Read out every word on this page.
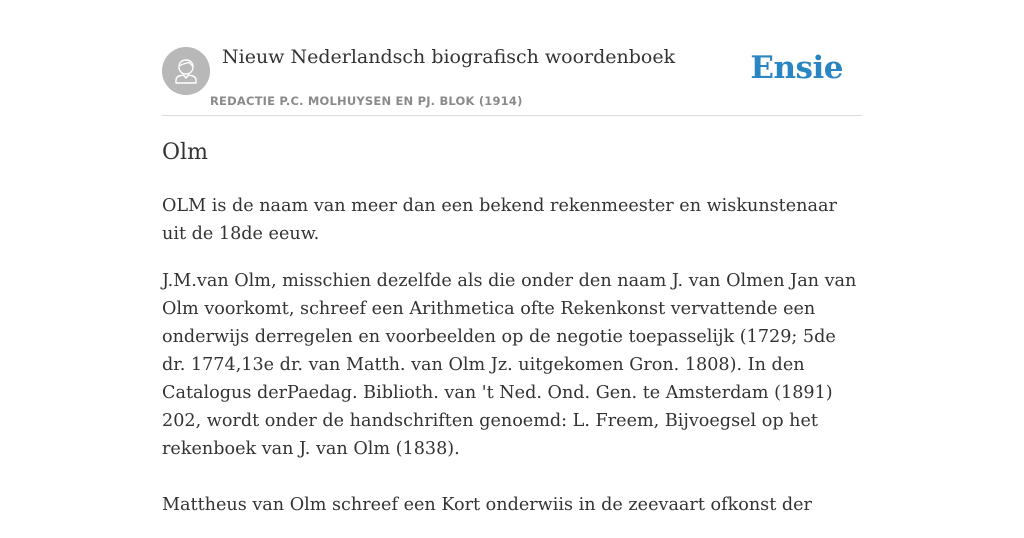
Nieuw Nederlandsch biografisch woordenboek
REDACTIE P.C. MOLHUYSEN EN PJ. BLOK (1914)
Ensie
Olm

OLM is de naam van meer dan een bekend rekenmeester en wiskunstenaar uit de 18de eeuw.

J.M.van Olm, misschien dezelfde als die onder den naam J. van Olmen Jan van Olm voorkomt, schreef een Arithmetica ofte Rekenkonst vervattende een onderwijs derregelen en voorbeelden op de negotie toepasselijk (1729; 5de dr. 1774,13e dr. van Matth. van Olm Jz. uitgekomen Gron. 1808). In den Catalogus derPaedag. Biblioth. van 't Ned. Ond. Gen. te Amsterdam (1891) 202, wordt onder de handschriften genoemd: L. Freem, Bijvoegsel op het rekenboek van J. van Olm (1838).

Mattheus van Olm schreef een Kort onderwiis in de zeevaart ofkonst der
